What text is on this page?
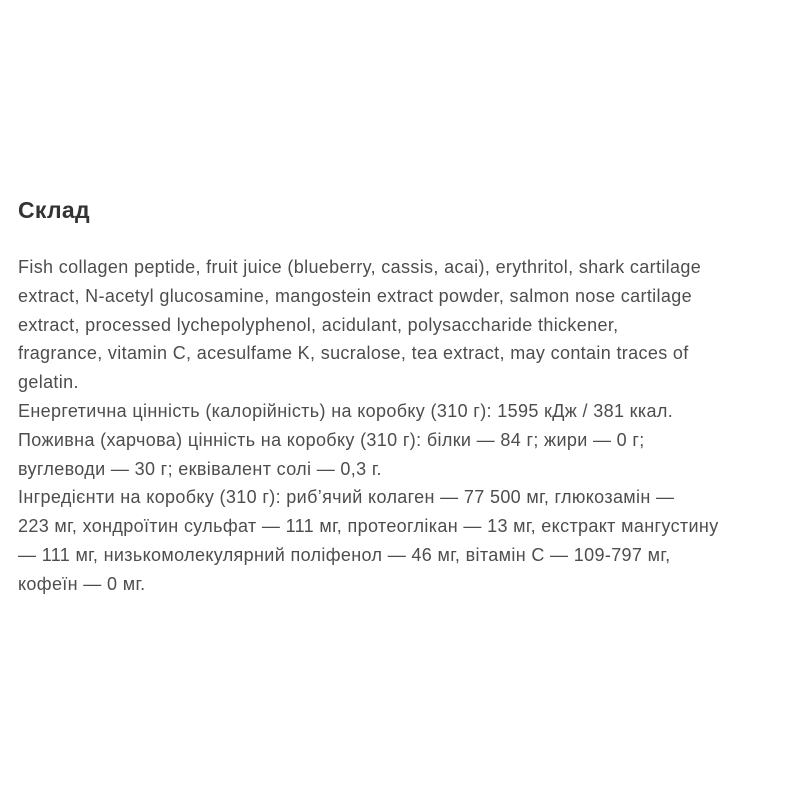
Склад
Fish collagen peptide, fruit juice (blueberry, cassis, acai), erythritol, shark cartilage
extract, N-acetyl glucosamine, mangostein extract powder, salmon nose cartilage
extract, processed lychepolyphenol, acidulant, polysaccharide thickener,
fragrance, vitamin C, acesulfame K, sucralose, tea extract, may contain traces of
gelatin.
Енергетична цінність (калорійність) на коробку (310 г): 1595 кДж / 381 ккал.
Поживна (харчова) цінність на коробку (310 г): білки — 84 г; жири — 0 г;
вуглеводи — 30 г; еквівалент солі — 0,3 г.
Інгредієнти на коробку (310 г): риб’ячий колаген — 77 500 мг, глюкозамін —
223 мг, хондроїтин сульфат — 111 мг, протеоглікан — 13 мг, екстракт мангустину
— 111 мг, низькомолекулярний поліфенол — 46 мг, вітамін С — 109-797 мг,
кофеїн — 0 мг.
